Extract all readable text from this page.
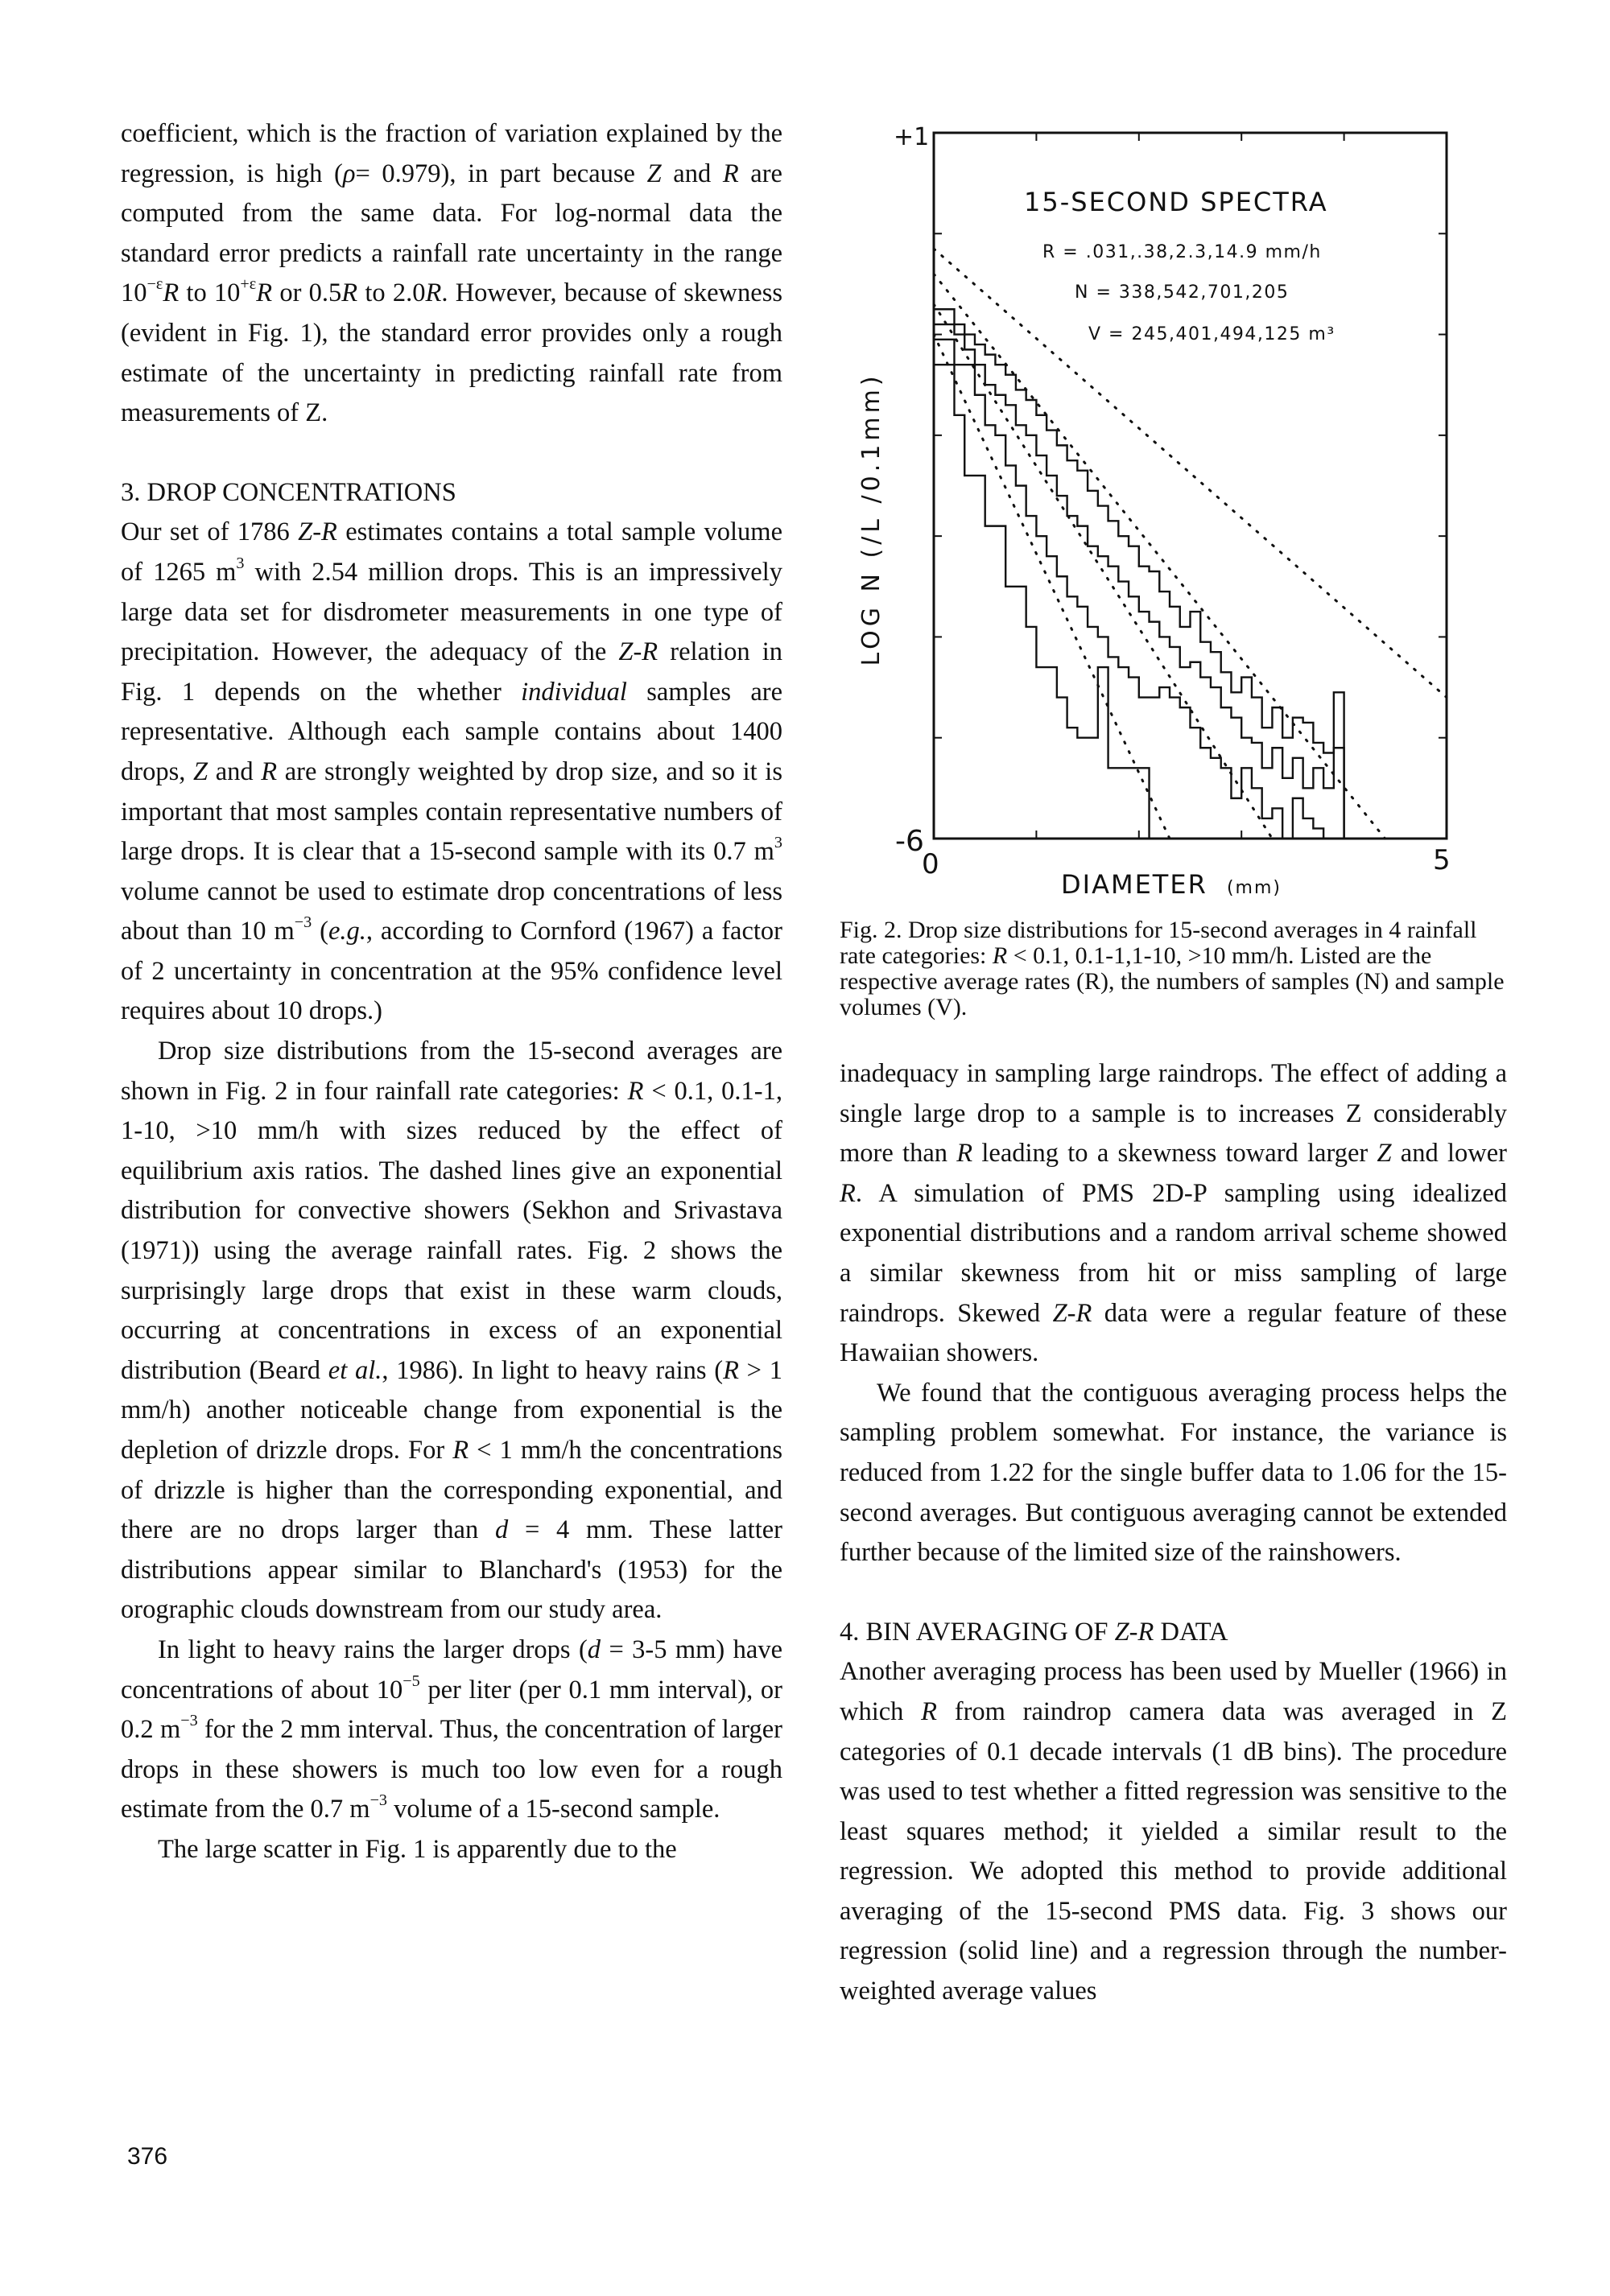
coefficient, which is the fraction of variation explained by the regression, is high (ρ= 0.979), in part because Z and R are computed from the same data. For log-normal data the standard error predicts a rainfall rate uncertainty in the range $10^{-\varepsilon}R$ to $10^{+\varepsilon}R$ or 0.5R to 2.0R. However, because of skewness (evident in Fig. 1), the standard error provides only a rough estimate of the uncertainty in predicting rainfall rate from measurements of Z.

3. DROP CONCENTRATIONS

Our set of 1786 Z-R estimates contains a total sample volume of 1265 $m^3$ with 2.54 million drops. This is an impressively large data set for disdrometer measurements in one type of precipitation. However, the adequacy of the Z-R relation in Fig. 1 depends on the whether individual samples are representative. Although each sample contains about 1400 drops, Z and R are strongly weighted by drop size, and so it is important that most samples contain representative numbers of large drops. It is clear that a 15-second sample with its 0.7 $m^3$ volume cannot be used to estimate drop concentrations of less about than 10 $m^{-3}$ (e.g., according to Cornford (1967) a factor of 2 uncertainty in concentration at the 95% confidence level requires about 10 drops.)

Drop size distributions from the 15-second averages are shown in Fig. 2 in four rainfall rate categories: R < 0.1, 0.1-1, 1-10, >10 mm/h with sizes reduced by the effect of equilibrium axis ratios. The dashed lines give an exponential distribution for convective showers (Sekhon and Srivastava (1971)) using the average rainfall rates. Fig. 2 shows the surprisingly large drops that exist in these warm clouds, occurring at concentrations in excess of an exponential distribution (Beard et al., 1986). In light to heavy rains (R > 1 mm/h) another noticeable change from exponential is the depletion of drizzle drops. For R < 1 mm/h the concentrations of drizzle is higher than the corresponding exponential, and there are no drops larger than d = 4 mm. These latter distributions appear similar to Blanchard's (1953) for the orographic clouds downstream from our study area.

In light to heavy rains the larger drops (d = 3-5 mm) have concentrations of about $10^{-5}$ per liter (per 0.1 mm interval), or 0.2 $m^{-3}$ for the 2 mm interval. Thus, the concentration of larger drops in these showers is much too low even for a rough estimate from the 0.7 $m^{-3}$ volume of a 15-second sample.

The large scatter in Fig. 1 is apparently due to the

+1
-6
0	5
DIAMETER (mm)
LOG N (/L /0.1mm)
15-SECOND SPECTRA
R = .031,.38,2.3,14.9 mm/h
N = 338,542,701,205
V = 245,401,494,125 m³
Fig. 2. Drop size distributions for 15-second averages in 4 rainfall rate categories: R < 0.1, 0.1-1,1-10, >10 mm/h. Listed are the respective average rates (R), the numbers of samples (N) and sample volumes (V).

inadequacy in sampling large raindrops. The effect of adding a single large drop to a sample is to increases Z considerably more than R leading to a skewness toward larger Z and lower R. A simulation of PMS 2D-P sampling using idealized exponential distributions and a random arrival scheme showed a similar skewness from hit or miss sampling of large raindrops. Skewed Z-R data were a regular feature of these Hawaiian showers.

We found that the contiguous averaging process helps the sampling problem somewhat. For instance, the variance is reduced from 1.22 for the single buffer data to 1.06 for the 15-second averages. But contiguous averaging cannot be extended further because of the limited size of the rainshowers.

4. BIN AVERAGING OF Z-R DATA

Another averaging process has been used by Mueller (1966) in which R from raindrop camera data was averaged in Z categories of 0.1 decade intervals (1 dB bins). The procedure was used to test whether a fitted regression was sensitive to the least squares method; it yielded a similar result to the regression. We adopted this method to provide additional averaging of the 15-second PMS data. Fig. 3 shows our regression (solid line) and a regression through the number-weighted average values

376
